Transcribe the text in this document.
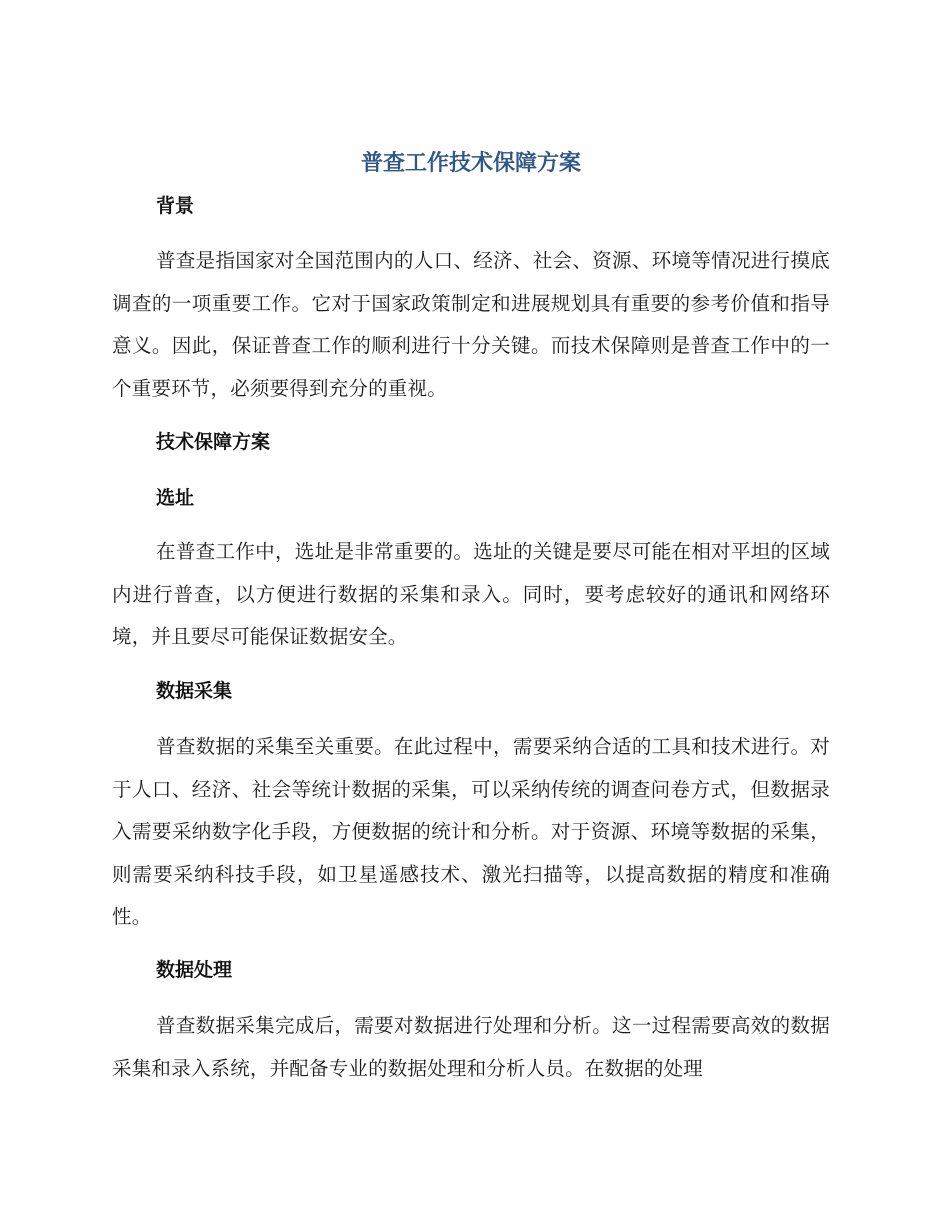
普查工作技术保障方案
背景

普查是指国家对全国范围内的人口、经济、社会、资源、环境等情况进行摸底调查的一项重要工作。它对于国家政策制定和进展规划具有重要的参考价值和指导意义。因此，保证普查工作的顺利进行十分关键。而技术保障则是普查工作中的一个重要环节，必须要得到充分的重视。

技术保障方案
选址

在普查工作中，选址是非常重要的。选址的关键是要尽可能在相对平坦的区域内进行普查，以方便进行数据的采集和录入。同时，要考虑较好的通讯和网络环境，并且要尽可能保证数据安全。

数据采集

普查数据的采集至关重要。在此过程中，需要采纳合适的工具和技术进行。对于人口、经济、社会等统计数据的采集，可以采纳传统的调查问卷方式，但数据录入需要采纳数字化手段，方便数据的统计和分析。对于资源、环境等数据的采集，则需要采纳科技手段，如卫星遥感技术、激光扫描等，以提高数据的精度和准确性。

数据处理

普查数据采集完成后，需要对数据进行处理和分析。这一过程需要高效的数据采集和录入系统，并配备专业的数据处理和分析人员。在数据的处理
